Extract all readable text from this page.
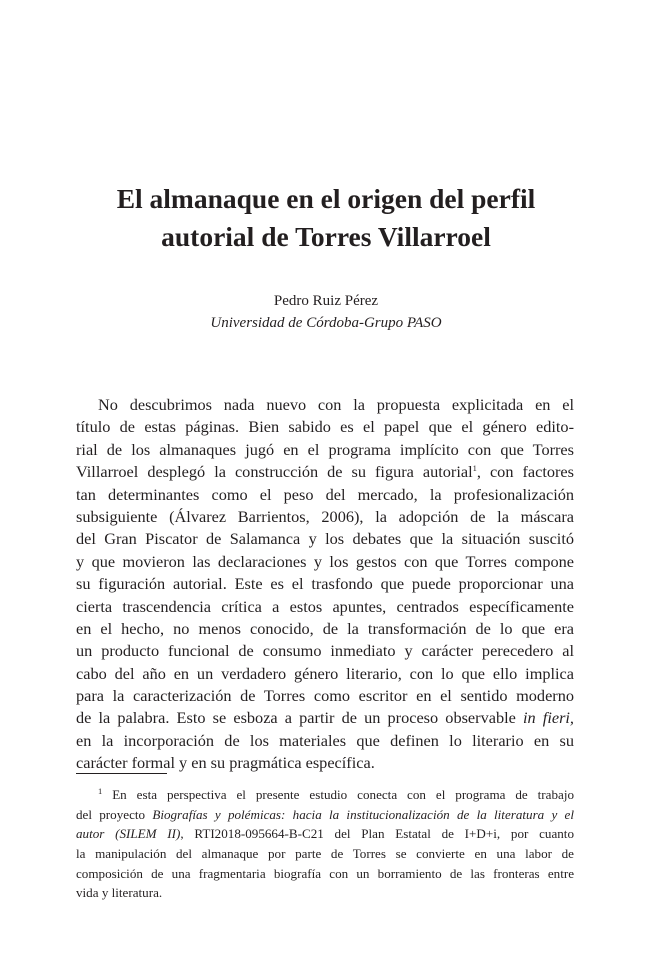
El almanaque en el origen del perfil
autorial de Torres Villarroel

Pedro Ruiz Pérez

Universidad de Córdoba-Grupo PASO

No descubrimos nada nuevo con la propuesta explicitada en el
título de estas páginas. Bien sabido es el papel que el género edito-
rial de los almanaques jugó en el programa implícito con que Torres
Villarroel desplegó la construcción de su figura autorial$^1$, con factores
tan determinantes como el peso del mercado, la profesionalización
subsiguiente (Álvarez Barrientos, 2006), la adopción de la máscara
del Gran Piscator de Salamanca y los debates que la situación suscitó
y que movieron las declaraciones y los gestos con que Torres compone
su figuración autorial. Este es el trasfondo que puede proporcionar una
cierta trascendencia crítica a estos apuntes, centrados específicamente
en el hecho, no menos conocido, de la transformación de lo que era
un producto funcional de consumo inmediato y carácter perecedero al
cabo del año en un verdadero género literario, con lo que ello implica
para la caracterización de Torres como escritor en el sentido moderno
de la palabra. Esto se esboza a partir de un proceso observable in fieri,
en la incorporación de los materiales que definen lo literario en su
carácter formal y en su pragmática específica.
$^1$ En esta perspectiva el presente estudio conecta con el programa de trabajo
del proyecto Biografías y polémicas: hacia la institucionalización de la literatura y el
autor (SILEM II), RTI2018-095664-B-C21 del Plan Estatal de I+D+i, por cuanto
la manipulación del almanaque por parte de Torres se convierte en una labor de
composición de una fragmentaria biografía con un borramiento de las fronteras entre
vida y literatura.
